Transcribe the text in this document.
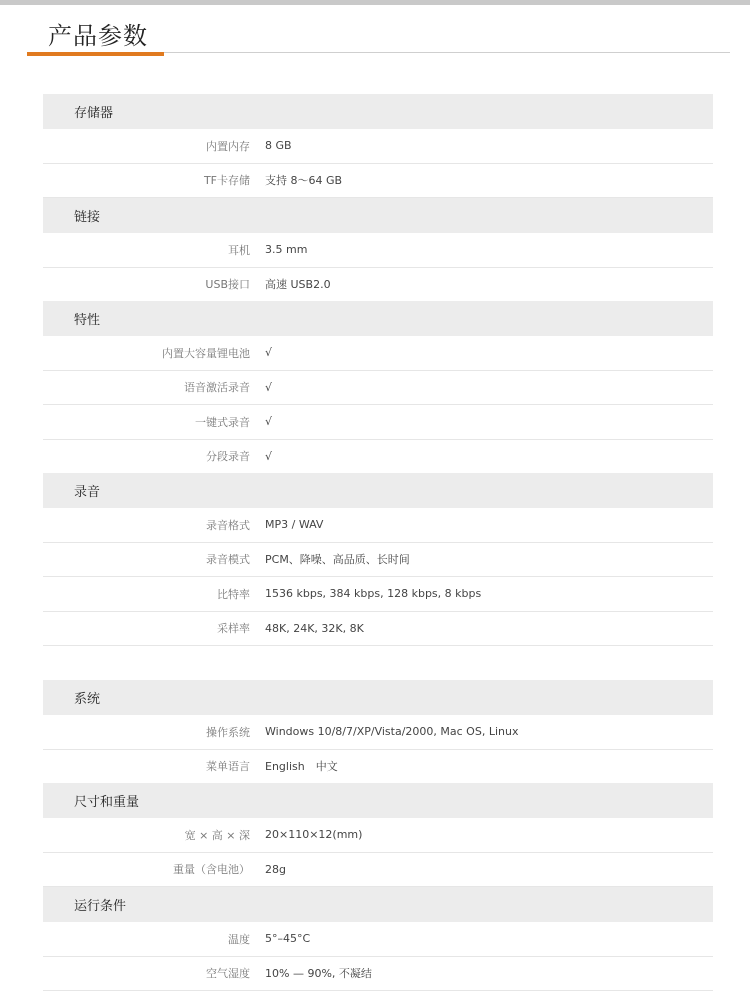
产品参数
存储器
内置内存 8 GB
TF卡存储 支持 8～64 GB
链接
耳机 3.5 mm
USB接口 高速 USB2.0
特性
内置大容量锂电池 √
语音激活录音 √
一键式录音 √
分段录音 √
录音
录音格式 MP3 / WAV
录音模式 PCM、降噪、高品质、长时间
比特率 1536 kbps, 384 kbps, 128 kbps, 8 kbps
采样率 48K, 24K, 32K, 8K
系统
操作系统 Windows 10/8/7/XP/Vista/2000, Mac OS, Linux
菜单语言 English　中文
尺寸和重量
宽 × 高 × 深 20×110×12(mm)
重量（含电池） 28g
运行条件
温度 5°–45°C
空气湿度 10% — 90%, 不凝结
